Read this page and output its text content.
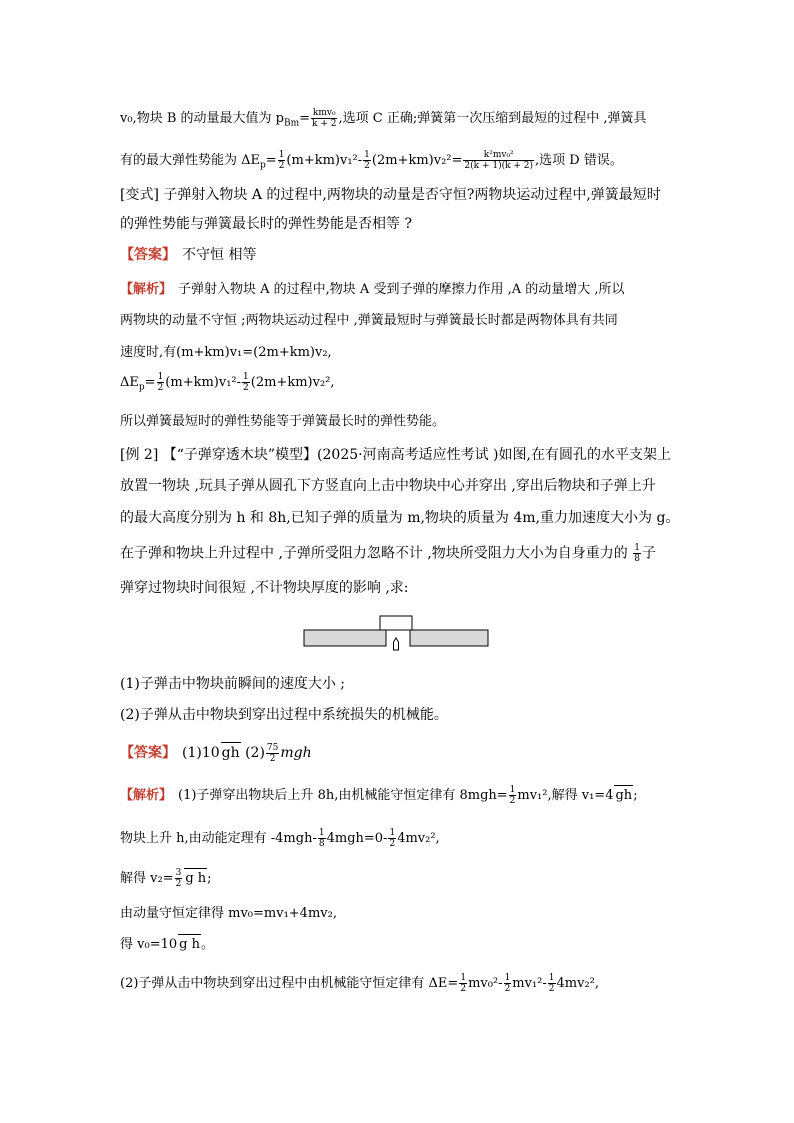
v₀,物块 B 的动量最大值为 $p_{Bm}= \frac{\text{kmv₀}}{k + 2}$ ,选项 C 正确;弹簧第一次压缩到最短的过程中 ,弹簧具
有的最大弹性势能为 $\Delta E_p= \frac{1}{2} (m+km)v_1^2- \frac{1}{2} (2m+km)v_2^2= \frac{\text{k²mv₀²}}{2(k + 1)(k + 2)}$ ,选项 D 错误。
[变式] 子弹射入物块 A 的过程中,两物块的动量是否守恒?两物块运动过程中,弹簧最短时
的弹性势能与弹簧最长时的弹性势能是否相等 ?
【答案】 不守恒 相等
【解析】 子弹射入物块 A 的过程中,物块 A 受到子弹的摩擦力作用 ,A 的动量增大 ,所以
两物块的动量不守恒 ;两物块运动过程中 ,弹簧最短时与弹簧最长时都是两物体具有共同
速度时,有(m+km)v₁=(2m+km)v₂,
$\Delta E_p= \frac{1}{2} (m+km)v_1^2- \frac{1}{2} (2m+km)v_2^2$,
所以弹簧最短时的弹性势能等于弹簧最长时的弹性势能。
[例 2] 【“子弹穿透木块”模型】(2025·河南高考适应性考试 )如图,在有圆孔的水平支架上
放置一物块 ,玩具子弹从圆孔下方竖直向上击中物块中心并穿出 ,穿出后物块和子弹上升
的最大高度分别为 h 和 8h,已知子弹的质量为 m,物块的质量为 4m,重力加速度大小为 g。
在子弹和物块上升过程中 ,子弹所受阻力忽略不计 ,物块所受阻力大小为自身重力的 $\frac{1}{8}$ 子
弹穿过物块时间很短 ,不计物块厚度的影响 ,求:
(1)子弹击中物块前瞬间的速度大小 ;
(2)子弹从击中物块到穿出过程中系统损失的机械能。
【答案】 (1)10 gh $(2) \frac{75}{2}$ mgh
【解析】 (1)子弹穿出物块后上升 8h,由机械能守恒定律有 $8mgh= \frac{1}{2} mv_1^2$,解得 v₁=4 gh;
物块上升 h,由动能定理有 $-4mgh- \frac{1}{8} 4mgh=0- \frac{1}{2} 4mv_2^2$,
解得 $v_2= \frac{3}{2}$ g h;
由动量守恒定律得 mv₀=mv₁+4mv₂,
得 v₀=10 g h。
(2)子弹从击中物块到穿出过程中由机械能守恒定律有 $\Delta E= \frac{1}{2} mv_0^2- \frac{1}{2} mv_1^2- \frac{1}{2} 4mv_2^2$,
